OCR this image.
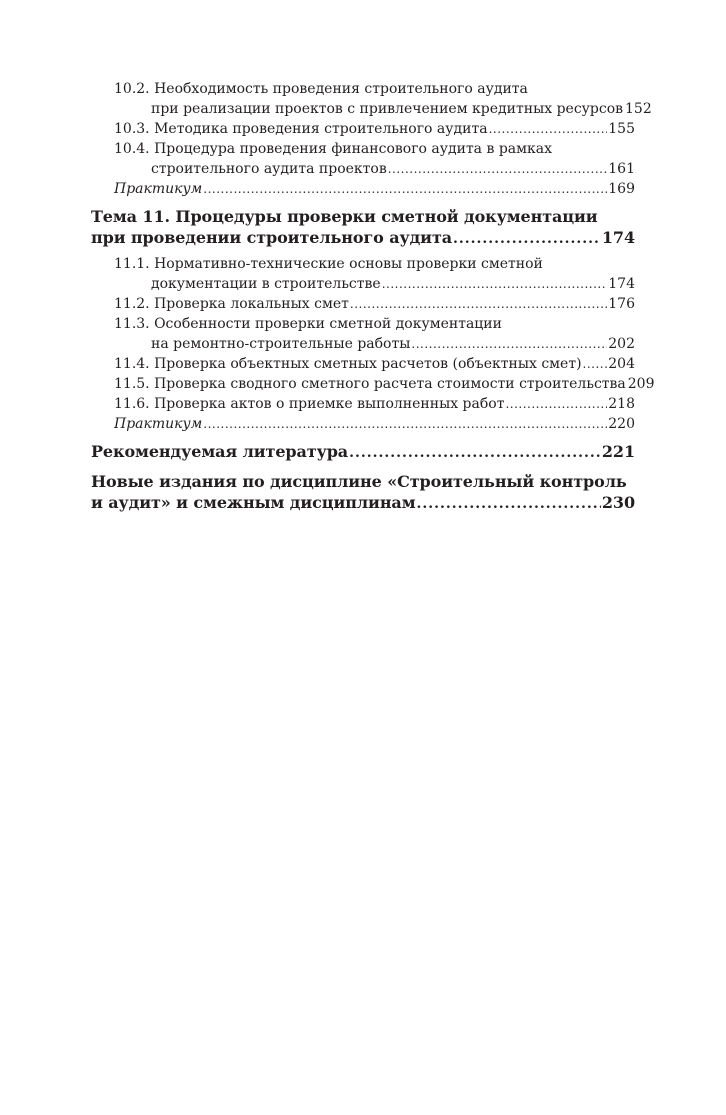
10.2. Необходимость проведения строительного аудита
при реализации проектов с привлечением кредитных ресурсов 152
10.3. Методика проведения строительного аудита .....	155
10.4. Процедура проведения финансового аудита в рамках
строительного аудита проектов .....	161
Практикум .....	169
Тема 11. Процедуры проверки сметной документации
при проведении строительного аудита .....	174
11.1. Нормативно-технические основы проверки сметной
документации в строительстве .....	174
11.2. Проверка локальных смет .....	176
11.3. Особенности проверки сметной документации
на ремонтно-строительные работы .....	202
11.4. Проверка объектных сметных расчетов (объектных смет) ..... 204
11.5. Проверка сводного сметного расчета стоимости строительства 209
11.6. Проверка актов о приемке выполненных работ .....	218
Практикум .....	220
Рекомендуемая литература .....	221
Новые издания по дисциплине «Строительный контроль
и аудит» и смежным дисциплинам .....	230
